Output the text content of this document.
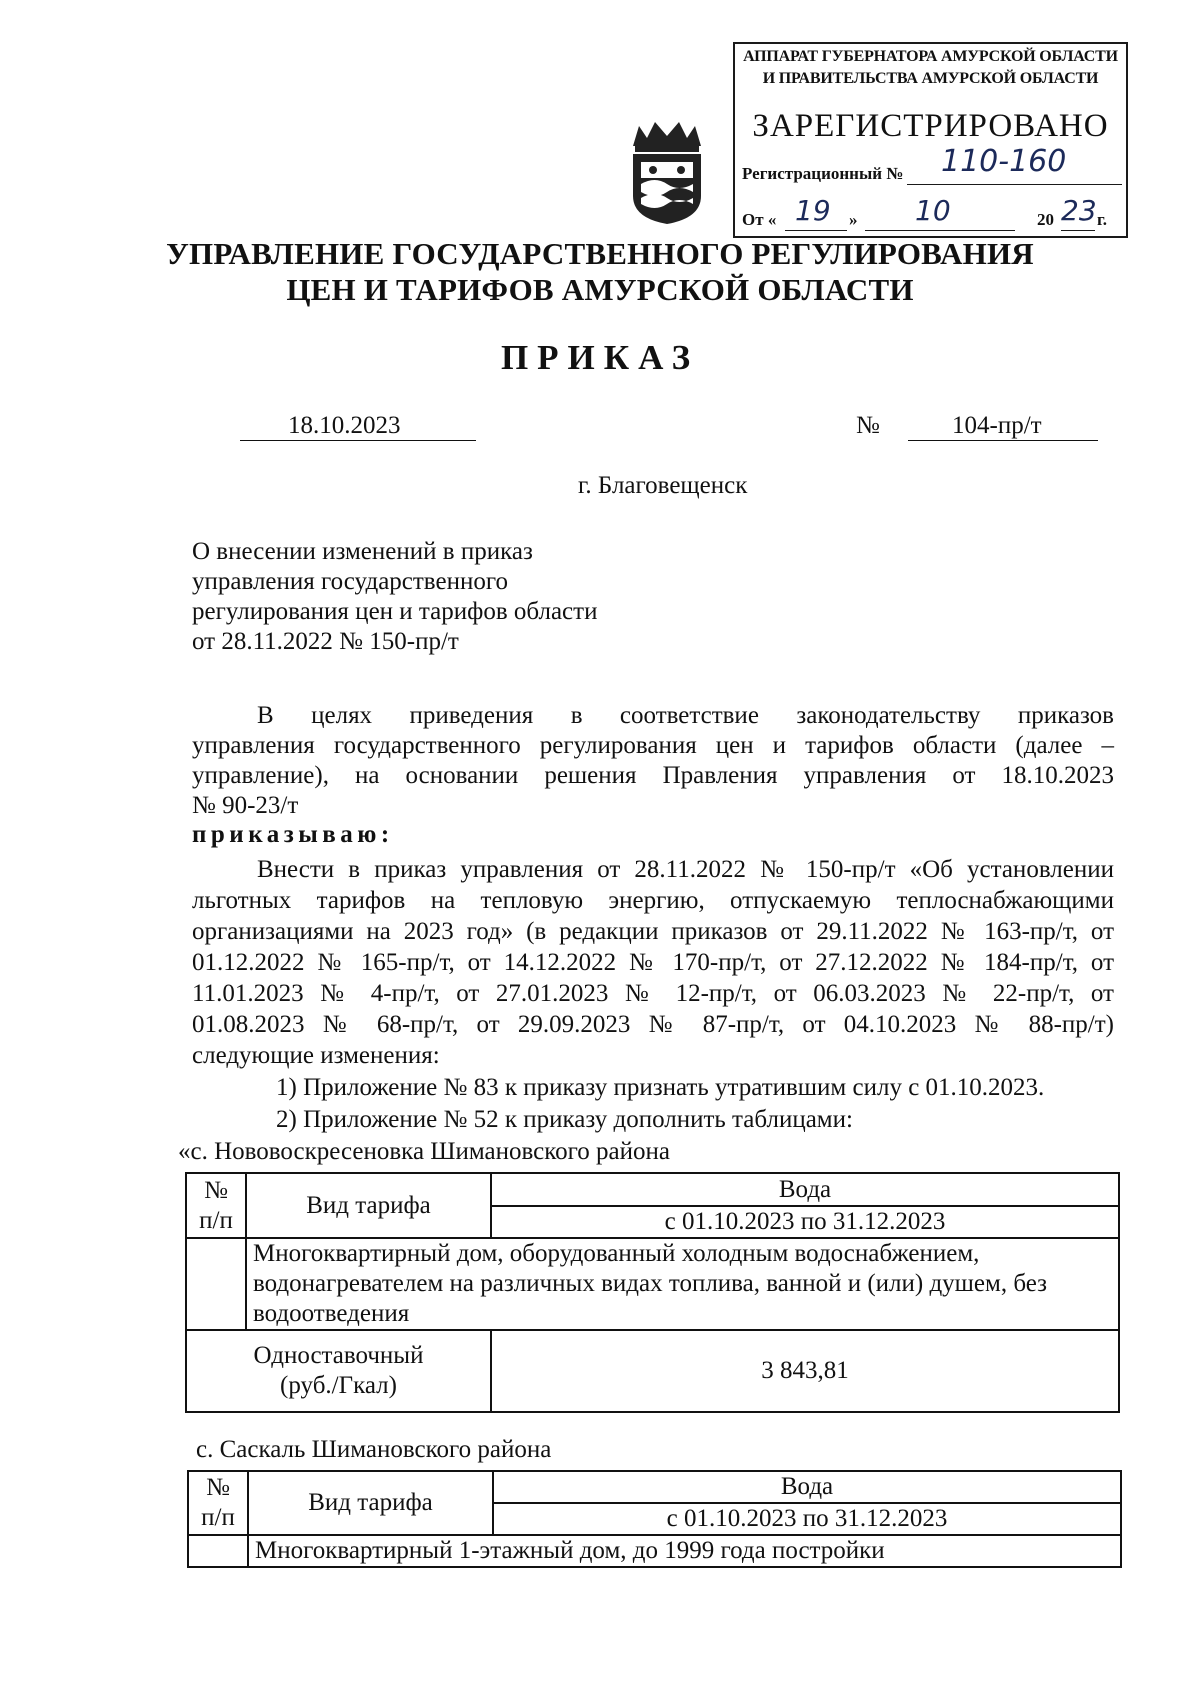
АППАРАТ ГУБЕРНАТОРА АМУРСКОЙ ОБЛАСТИ
И ПРАВИТЕЛЬСТВА АМУРСКОЙ ОБЛАСТИ
ЗАРЕГИСТРИРОВАНО
Регистрационный № 110-160
От « 19 » 10	20 23 г.
УПРАВЛЕНИЕ ГОСУДАРСТВЕННОГО РЕГУЛИРОВАНИЯ
ЦЕН И ТАРИФОВ АМУРСКОЙ ОБЛАСТИ
ПРИКАЗ
18.10.2023	№	104-пр/т
г. Благовещенск
О внесении изменений в приказ
управления государственного
регулирования цен и тарифов области
от 28.11.2022 № 150-пр/т
В целях приведения в соответствие законодательству приказов
управления государственного регулирования цен и тарифов области (далее –
управление), на основании решения Правления управления от 18.10.2023
№ 90-23/т
приказываю:
Внести в приказ управления от 28.11.2022 № 150-пр/т «Об установлении
льготных тарифов на тепловую энергию, отпускаемую теплоснабжающими
организациями на 2023 год» (в редакции приказов от 29.11.2022 № 163-пр/т, от
01.12.2022 № 165-пр/т, от 14.12.2022 № 170-пр/т, от 27.12.2022 № 184-пр/т, от
11.01.2023 № 4-пр/т, от 27.01.2023 № 12-пр/т, от 06.03.2023 № 22-пр/т, от
01.08.2023 № 68-пр/т, от 29.09.2023 № 87-пр/т, от 04.10.2023 № 88-пр/т)
следующие изменения:
1) Приложение № 83 к приказу признать утратившим силу с 01.10.2023.
2) Приложение № 52 к приказу дополнить таблицами:
«с. Нововоскресеновка Шимановского района
№
п/п	Вид тарифа	Вода
		с 01.10.2023 по 31.12.2023

	Многоквартирный дом, оборудованный холодным водоснабжением,
водонагревателем на различных видах топлива, ванной и (или) душем, без
водоотведения	

Одноставочный
(руб./Гкал)		3 843,81
с. Саскаль Шимановского района
№
п/п	Вид тарифа	Вода
		с 01.10.2023 по 31.12.2023
	Многоквартирный 1-этажный дом, до 1999 года постройки	
